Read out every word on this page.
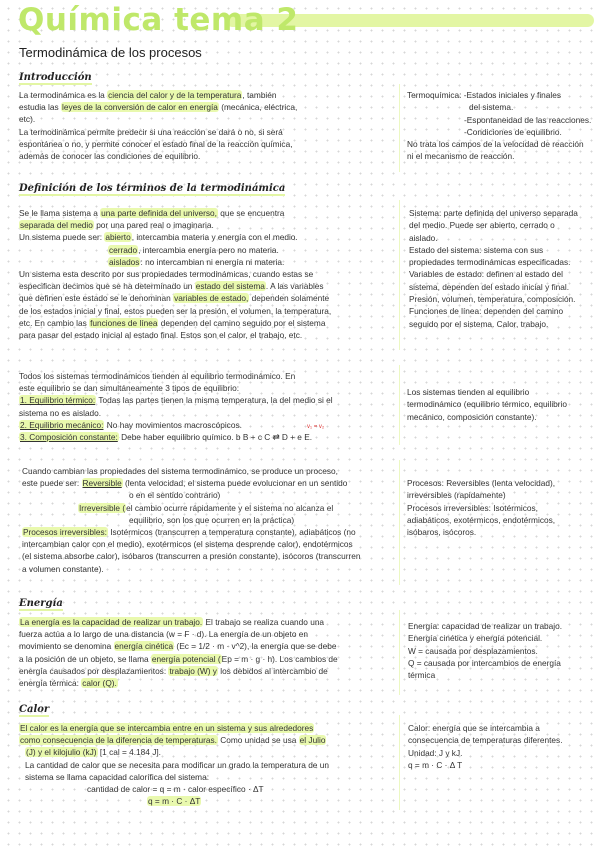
Química tema 2
Termodinámica de los procesos
Introducción
La termodinámica es la ciencia del calor y de la temperatura, también
estudia las leyes de la conversión de calor en energía (mecánica, eléctrica,
etc).
La termodinámica permite predecir si una reacción se dará o no, si será
espontánea o no, y permite conocer el estado final de la reacción química,
además de conocer las condiciones de equilibrio.
Termoquímica: -Estados iniciales y finales
del sistema.
-Espontaneidad de las reacciones.
-Condiciones de equilibrio.
No trata los campos de la velocidad de reacción
ni el mecanismo de reacción.
Definición de los términos de la termodinámica
Se le llama sistema a una parte definida del universo, que se encuentra
separada del medio por una pared real o imaginaria.
Un sistema puede ser: abierto, intercambia materia y energía con el medio.
cerrado, intercambia energía pero no materia.
aislados: no intercambian ni energía ni materia.
Un sistema esta descrito por sus propiedades termodinámicas, cuando estas se
especifican decimos que se ha determinado un estado del sistema. A las variables
que definen este estado se le denominan variables de estado, dependen solamente
de los estados inicial y final, estos pueden ser la presión, el volumen, la temperatura,
etc. En cambio las funciones de línea dependen del camino seguido por el sistema
para pasar del estado inicial al estado final. Estos son el calor, el trabajo, etc.
Sistema: parte definida del universo separada
del medio. Puede ser abierto, cerrado o
aislado.
Estado del sistema: sistema con sus
propiedades termodinámicas especificadas.
Variables de estado: definen al estado del
sistema, dependen del estado inicial y final.
Presión, volumen, temperatura, composición.
Funciones de línea: dependen del camino
seguido por el sistema. Calor, trabajo.
Todos los sistemas termodinámicos tienden al equilibrio termodinámico. En
este equilibrio se dan simultáneamente 3 tipos de equilibrio:
1. Equilibrio térmico: Todas las partes tienen la misma temperatura, la del medio si el
sistema no es aislado.
2. Equilibrio mecánico: No hay movimientos macroscópicos.
3. Composición constante: Debe haber equilibrio químico. b B + c C ⇄ D + e E.
v₁ = v₂
Los sistemas tienden al equilibrio
termodinámico (equilibrio térmico, equilibrio
mecánico, composición constante).
Cuando cambian las propiedades del sistema termodinámico, se produce un proceso,
este puede ser: Reversible (lenta velocidad, el sistema puede evolucionar en un sentido
o en el sentido contrario)
Irreversible (el cambio ocurre rápidamente y el sistema no alcanza el
equilibrio, son los que ocurren en la práctica)
Procesos irreversibles: Isotérmicos (transcurren a temperatura constante), adiabáticos (no
intercambian calor con el medio), exotérmicos (el sistema desprende calor), endotérmicos
(el sistema absorbe calor), isóbaros (transcurren a presión constante), isócoros (transcurren
a volumen constante).
Procesos: Reversibles (lenta velocidad),
irreversibles (rapidamente)
Procesos irreversibles: Isotérmicos,
adiabáticos, exotérmicos, endotérmicos,
isóbaros, isócoros.
Energía
La energía es la capacidad de realizar un trabajo. El trabajo se realiza cuando una
fuerza actúa a lo largo de una distancia (w = F · d). La energía de un objeto en
movimiento se denomina energía cinética (Ec = 1/2 · m · v^2), la energía que se debe
a la posición de un objeto, se llama energía potencial (Ep = m · g · h). Los cambios de
energía causados por desplazamientos: trabajo (W) y los debidos al intercambio de
energía térmica: calor (Q).
Energía: capacidad de realizar un trabajo.
Energía cinética y energía potencial.
W = causada por desplazamientos.
Q = causada por intercambios de energía
térmica
Calor
El calor es la energía que se intercambia entre en un sistema y sus alrededores
como consecuencia de la diferencia de temperaturas. Como unidad se usa el Julio
(J) y el kilojulio (kJ) [1 cal = 4.184 J].
La cantidad de calor que se necesita para modificar un grado la temperatura de un
sistema se llama capacidad calorífica del sistema:
cantidad de calor = q = m · calor específico · ΔT
q = m · C · ΔT
Calor: energía que se intercambia a
consecuencia de temperaturas diferentes.
Unidad: J y kJ.
q = m · C · Δ T
